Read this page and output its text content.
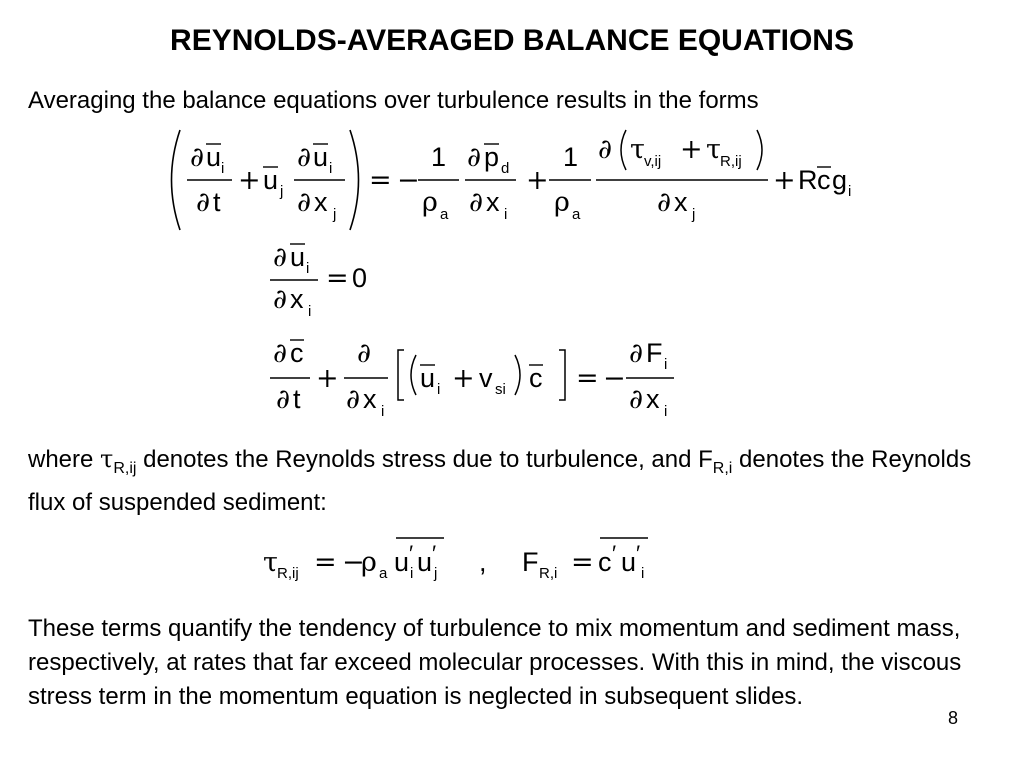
REYNOLDS-AVERAGED BALANCE EQUATIONS
Averaging the balance equations over turbulence results in the forms
∂ u i
∂ t
+ u j
∂ u i
∂ x j
= −
1
ρ a
∂ p d
∂ x i
+
1
ρ a
∂ τ v,ij + τ R,ij
∂ x j
+ R c g i
∂ u i
∂ x i
= 0
∂ c
∂ t
+
∂
∂ x i
u i + v si c = −
∂ F i
∂ x i
τ R,ij = −
ρ a u ′
i u ′
j , F R,i = c ′ u ′
i
where $\tau_{R,ij}$ denotes the Reynolds stress due to turbulence, and $F_{R,i}$ denotes the Reynolds flux of suspended sediment:
These terms quantify the tendency of turbulence to mix momentum and sediment mass, respectively, at rates that far exceed molecular processes. With this in mind, the viscous stress term in the momentum equation is neglected in subsequent slides.
8
